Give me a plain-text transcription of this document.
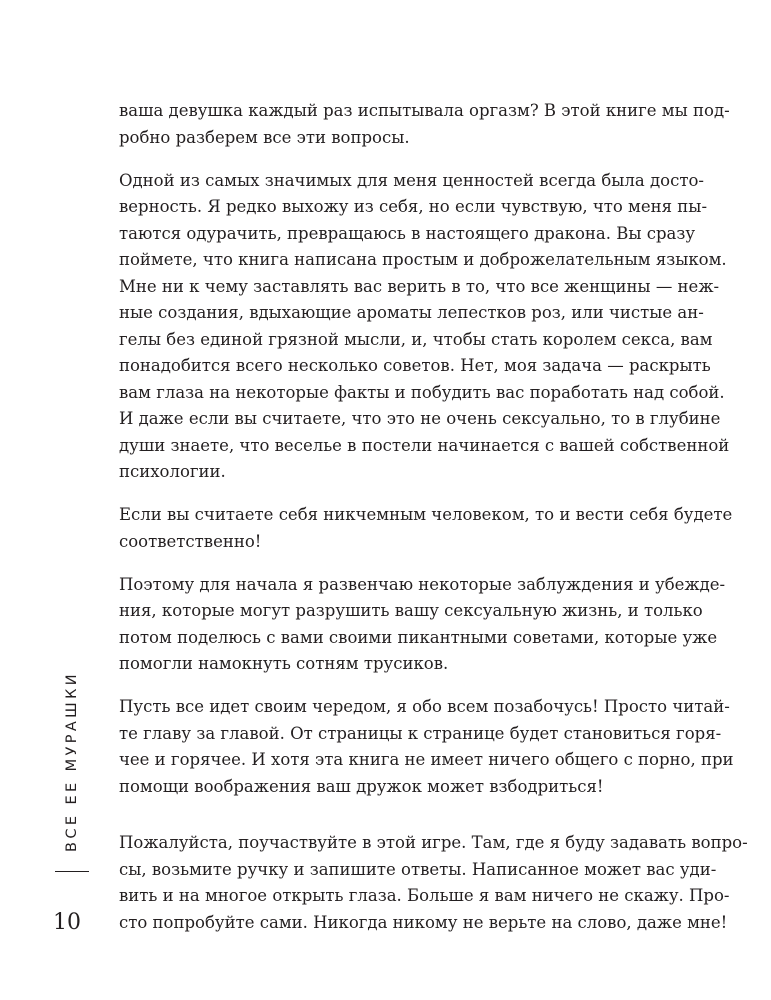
ваша девушка каждый раз испытывала оргазм? В этой книге мы под-
робно разберем все эти вопросы.
Одной из самых значимых для меня ценностей всегда была досто-
верность. Я редко выхожу из себя, но если чувствую, что меня пы-
таются одурачить, превращаюсь в настоящего дракона. Вы сразу
поймете, что книга написана простым и доброжелательным языком.
Мне ни к чему заставлять вас верить в то, что все женщины — неж-
ные создания, вдыхающие ароматы лепестков роз, или чистые ан-
гелы без единой грязной мысли, и, чтобы стать королем секса, вам
понадобится всего несколько советов. Нет, моя задача — раскрыть
вам глаза на некоторые факты и побудить вас поработать над собой.
И даже если вы считаете, что это не очень сексуально, то в глубине
души знаете, что веселье в постели начинается с вашей собственной
психологии.
Если вы считаете себя никчемным человеком, то и вести себя будете
соответственно!
Поэтому для начала я развенчаю некоторые заблуждения и убежде-
ния, которые могут разрушить вашу сексуальную жизнь, и только
потом поделюсь с вами своими пикантными советами, которые уже
помогли намокнуть сотням трусиков.
Пусть все идет своим чередом, я обо всем позабочусь! Просто читай-
те главу за главой. От страницы к странице будет становиться горя-
чее и горячее. И хотя эта книга не имеет ничего общего с порно, при
помощи воображения ваш дружок может взбодриться!
Пожалуйста, поучаствуйте в этой игре. Там, где я буду задавать вопро-
сы, возьмите ручку и запишите ответы. Написанное может вас уди-
вить и на многое открыть глаза. Больше я вам ничего не скажу. Про-
сто попробуйте сами. Никогда никому не верьте на слово, даже мне!
ВСЕ ЕЕ МУРАШКИ
10
